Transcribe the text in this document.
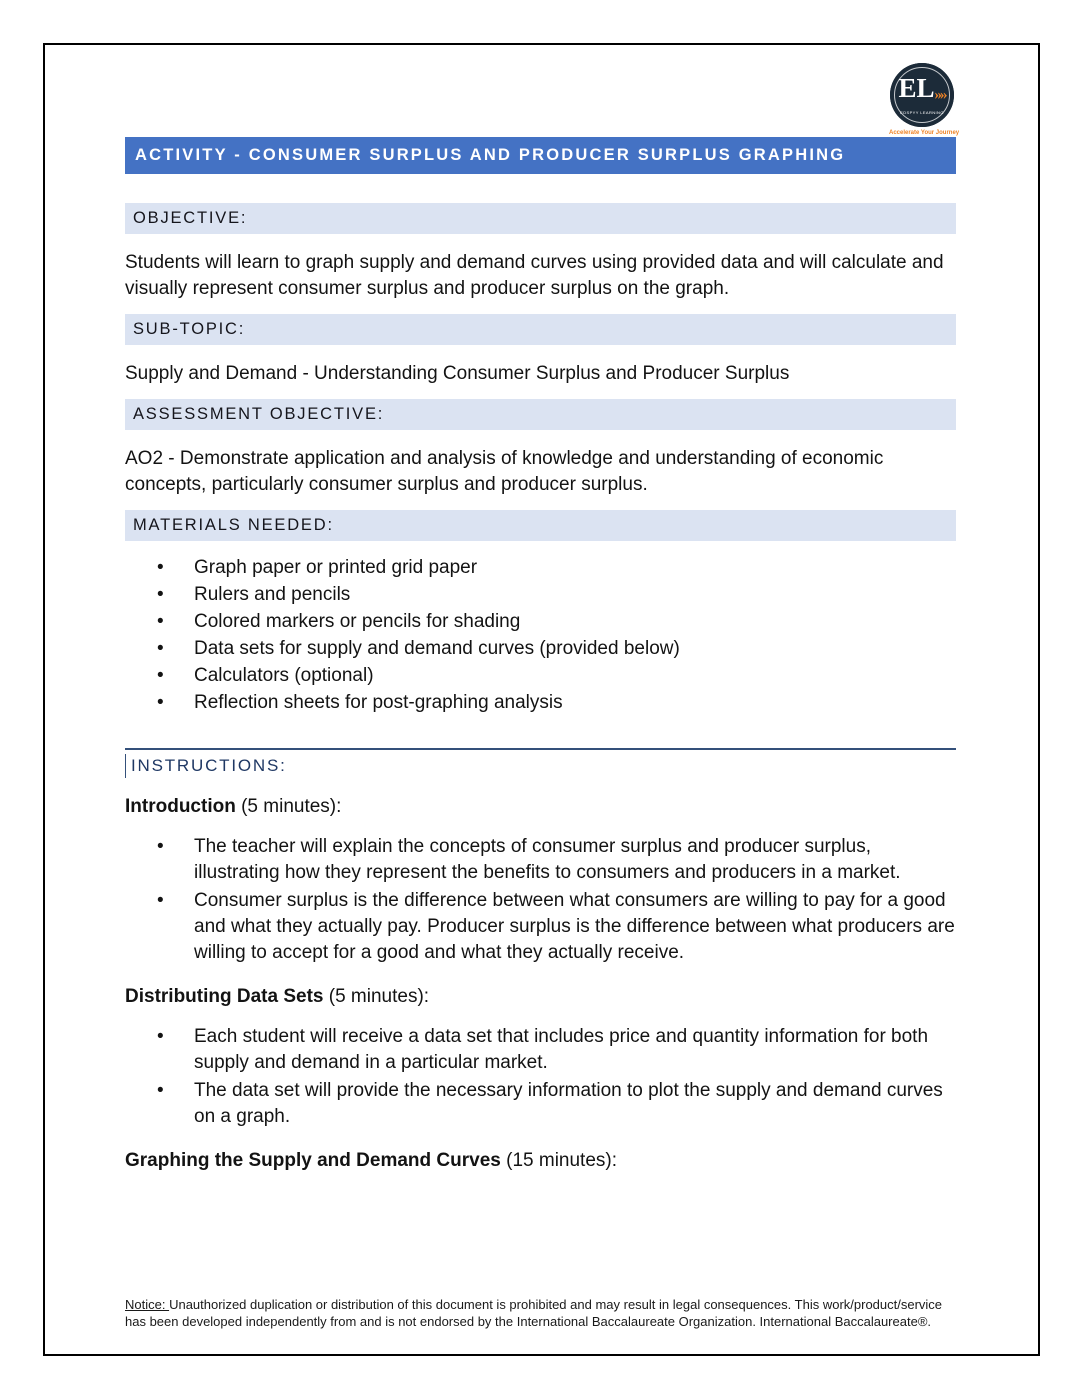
EL»»
EDSPYY LEARNING
Accelerate Your Journey
ACTIVITY - CONSUMER SURPLUS AND PRODUCER SURPLUS GRAPHING
OBJECTIVE:

Students will learn to graph supply and demand curves using provided data and will calculate and visually represent consumer surplus and producer surplus on the graph.

SUB-TOPIC:

Supply and Demand - Understanding Consumer Surplus and Producer Surplus

ASSESSMENT OBJECTIVE:

AO2 - Demonstrate application and analysis of knowledge and understanding of economic concepts, particularly consumer surplus and producer surplus.

MATERIALS NEEDED:
• Graph paper or printed grid paper
• Rulers and pencils
• Colored markers or pencils for shading
• Data sets for supply and demand curves (provided below)
• Calculators (optional)
• Reflection sheets for post-graphing analysis
INSTRUCTIONS:

Introduction (5 minutes):

• The teacher will explain the concepts of consumer surplus and producer surplus, illustrating how they represent the benefits to consumers and producers in a market.
• Consumer surplus is the difference between what consumers are willing to pay for a good and what they actually pay. Producer surplus is the difference between what producers are willing to accept for a good and what they actually receive.

Distributing Data Sets (5 minutes):

• Each student will receive a data set that includes price and quantity information for both supply and demand in a particular market.
• The data set will provide the necessary information to plot the supply and demand curves on a graph.

Graphing the Supply and Demand Curves (15 minutes):

Notice: Unauthorized duplication or distribution of this document is prohibited and may result in legal consequences. This work/product/service has been developed independently from and is not endorsed by the International Baccalaureate Organization. International Baccalaureate®.
